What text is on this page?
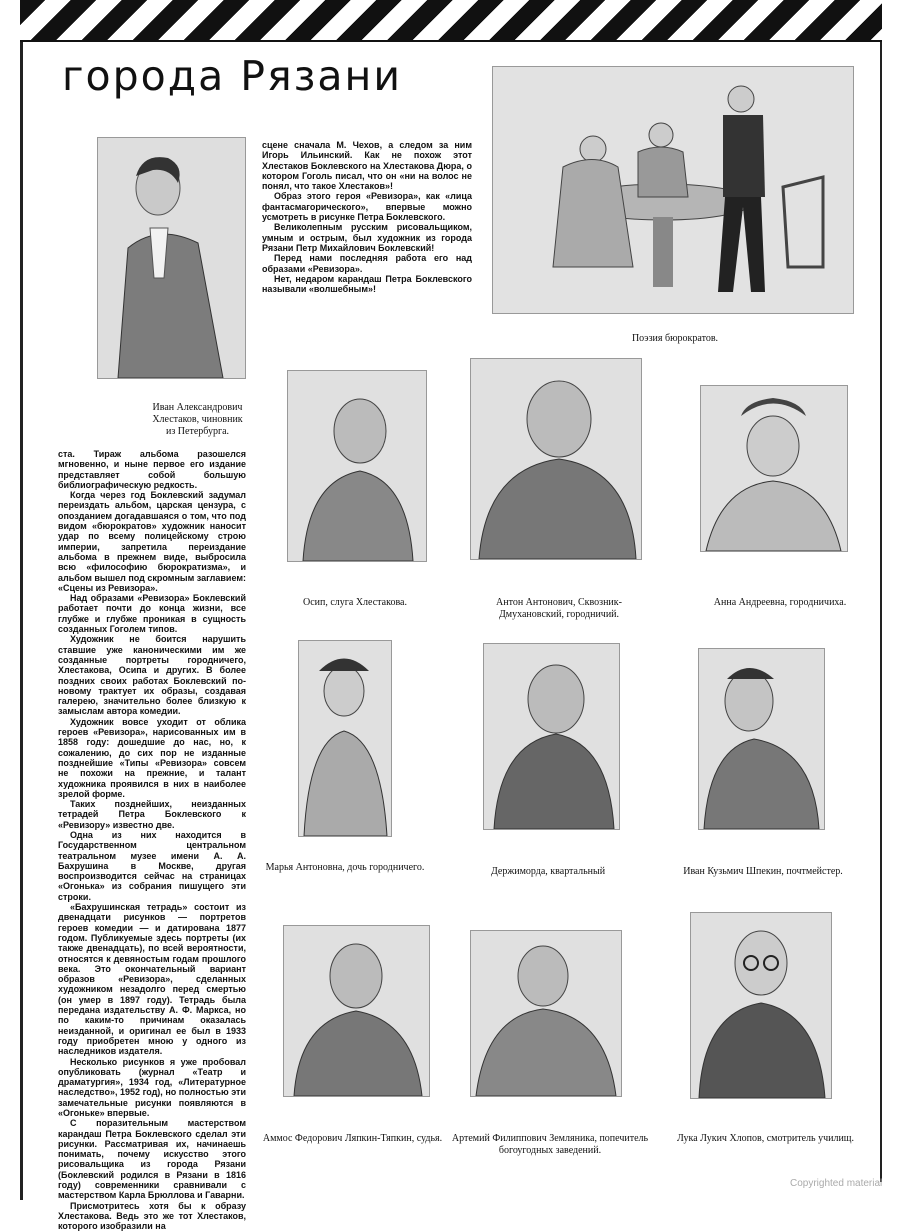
города Рязани
Иван Александрович Хлестаков, чиновник из Петербурга.

сцене сначала М. Чехов, а следом за ним Игорь Ильинский. Как не похож этот Хлестаков Боклевского на Хлестакова Дюра, о котором Гоголь писал, что он «ни на волос не понял, что такое Хлестаков»!

Образ этого героя «Ревизора», как «лица фантасмагорического», впервые можно усмотреть в рисунке Петра Боклевского.

Великолепным русским рисовальщиком, умным и острым, был художник из города Рязани Петр Михайлович Боклевский!

Перед нами последняя работа его над образами «Ревизора».

Нет, недаром карандаш Петра Боклевского называли «волшебным»!

Поэзия бюрократов.

ста. Тираж альбома разошелся мгновенно, и ныне первое его издание представляет собой большую библиографическую редкость.

Когда через год Боклевский задумал переиздать альбом, царская цензура, с опозданием догадавшаяся о том, что под видом «бюрократов» художник наносит удар по всему полицейскому строю империи, запретила переиздание альбома в прежнем виде, выбросила всю «философию бюрократизма», и альбом вышел под скромным заглавием: «Сцены из Ревизора».

Над образами «Ревизора» Боклевский работает почти до конца жизни, все глубже и глубже проникая в сущность созданных Гоголем типов.

Художник не боится нарушить ставшие уже каноническими им же созданные портреты городничего, Хлестакова, Осипа и других. В более поздних своих работах Боклевский по-новому трактует их образы, создавая галерею, значительно более близкую к замыслам автора комедии.

Художник вовсе уходит от облика героев «Ревизора», нарисованных им в 1858 году: дошедшие до нас, но, к сожалению, до сих пор не изданные позднейшие «Типы «Ревизора» совсем не похожи на прежние, и талант художника проявился в них в наиболее зрелой форме.

Таких позднейших, неизданных тетрадей Петра Боклевского к «Ревизору» известно две.

Одна из них находится в Государственном центральном театральном музее имени А. А. Бахрушина в Москве, другая воспроизводится сейчас на страницах «Огонька» из собрания пишущего эти строки.

«Бахрушинская тетрадь» состоит из двенадцати рисунков — портретов героев комедии — и датирована 1877 годом. Публикуемые здесь портреты (их также двенадцать), по всей вероятности, относятся к девяностым годам прошлого века. Это окончательный вариант образов «Ревизора», сделанных художником незадолго перед смертью (он умер в 1897 году). Тетрадь была передана издательству А. Ф. Маркса, но по каким-то причинам оказалась неизданной, и оригинал ее был в 1933 году приобретен мною у одного из наследников издателя.

Несколько рисунков я уже пробовал опубликовать (журнал «Театр и драматургия», 1934 год, «Литературное наследство», 1952 год), но полностью эти замечательные рисунки появляются в «Огоньке» впервые.

С поразительным мастерством карандаш Петра Боклевского сделал эти рисунки. Рассматривая их, начинаешь понимать, почему искусство этого рисовальщика из города Рязани (Боклевский родился в Рязани в 1816 году) современники сравнивали с мастерством Карла Брюллова и Гаварни.

Присмотритесь хотя бы к образу Хлестакова. Ведь это же тот Хлестаков, которого изобразили на

Осип, слуга Хлестакова.	Антон Антонович, Сквозник-Дмухановский, городничий.
Анна Андреевна, городничиха.
Марья Антоновна, дочь городничего.	Держиморда, квартальный	Иван Кузьмич Шпекин, почтмейстер.
Аммос Федорович Ляпкин-Тяпкин, судья. Артемий Филиппович Земляника, попечитель богоугодных заведений.
Лука Лукич Хлопов, смотритель училищ.
Copyrighted material
